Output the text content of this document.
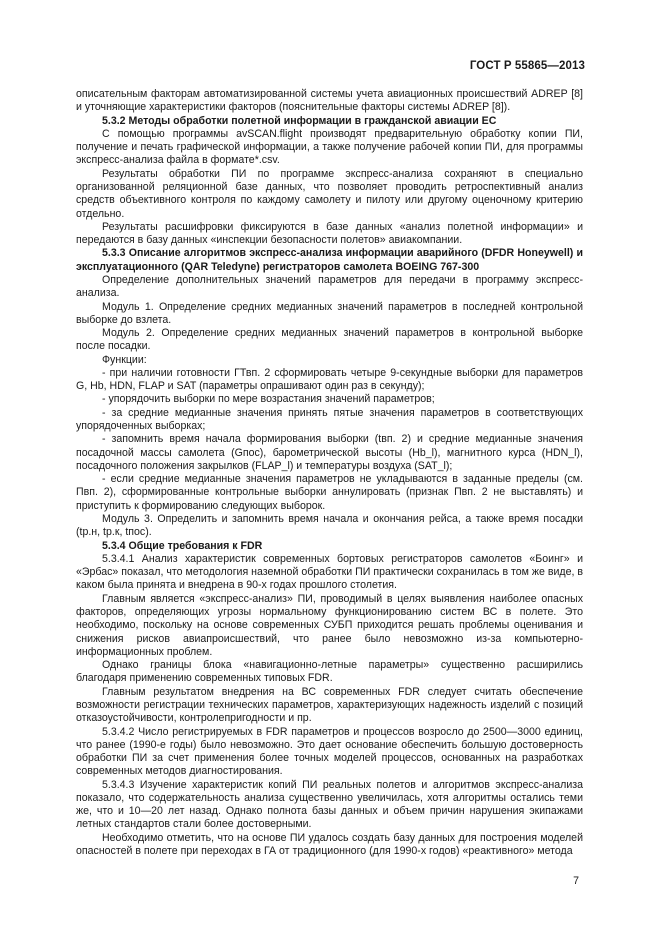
ГОСТ Р 55865—2013

описательным факторам автоматизированной системы учета авиационных происшествий ADREP [8] и уточняющие характеристики факторов (пояснительные факторы системы ADREP [8]).

5.3.2 Методы обработки полетной информации в гражданской авиации ЕС

С помощью программы avSCAN.flight производят предварительную обработку копии ПИ, получение и печать графической информации, а также получение рабочей копии ПИ, для программы экспресс-анализа файла в формате*.csv.

Результаты обработки ПИ по программе экспресс-анализа сохраняют в специально организованной реляционной базе данных, что позволяет проводить ретроспективный анализ средств объективного контроля по каждому самолету и пилоту или другому оценочному критерию отдельно.

Результаты расшифровки фиксируются в базе данных «анализ полетной информации» и передаются в базу данных «инспекции безопасности полетов» авиакомпании.

5.3.3 Описание алгоритмов экспресс-анализа информации аварийного (DFDR Honeywell) и эксплуатационного (QAR Teledyne) регистраторов самолета BOEING 767-300

Определение дополнительных значений параметров для передачи в программу экспресс-анализа.

Модуль 1. Определение средних медианных значений параметров в последней контрольной выборке до взлета.

Модуль 2. Определение средних медианных значений параметров в контрольной выборке после посадки.

Функции:

- при наличии готовности ГТвп. 2 сформировать четыре 9-секундные выборки для параметров G, Hb, HDN, FLAP и SAT (параметры опрашивают один раз в секунду);

- упорядочить выборки по мере возрастания значений параметров;

- за средние медианные значения принять пятые значения параметров в соответствующих упорядоченных выборках;

- запомнить время начала формирования выборки (tвп. 2) и средние медианные значения посадочной массы самолета (Gпос), барометрической высоты (Hb_l), магнитного курса (HDN_l), посадочного положения закрылков (FLAP_l) и температуры воздуха (SAT_l);

- если средние медианные значения параметров не укладываются в заданные пределы (см. Пвп. 2), сформированные контрольные выборки аннулировать (признак Пвп. 2 не выставлять) и приступить к формированию следующих выборок.

Модуль 3. Определить и запомнить время начала и окончания рейса, а также время посадки (tp.н, tp.к, tпос).

5.3.4 Общие требования к FDR

5.3.4.1 Анализ характеристик современных бортовых регистраторов самолетов «Боинг» и «Эрбас» показал, что методология наземной обработки ПИ практически сохранилась в том же виде, в каком была принята и внедрена в 90-х годах прошлого столетия.

Главным является «экспресс-анализ» ПИ, проводимый в целях выявления наиболее опасных факторов, определяющих угрозы нормальному функционированию систем ВС в полете. Это необходимо, поскольку на основе современных СУБП приходится решать проблемы оценивания и снижения рисков авиапроисшествий, что ранее было невозможно из-за компьютерно-информационных проблем.

Однако границы блока «навигационно-летные параметры» существенно расширились благодаря применению современных типовых FDR.

Главным результатом внедрения на ВС современных FDR следует считать обеспечение возможности регистрации технических параметров, характеризующих надежность изделий с позиций отказоустойчивости, контролепригодности и пр.

5.3.4.2 Число регистрируемых в FDR параметров и процессов возросло до 2500—3000 единиц, что ранее (1990-е годы) было невозможно. Это дает основание обеспечить большую достоверность обработки ПИ за счет применения более точных моделей процессов, основанных на разработках современных методов диагностирования.

5.3.4.3 Изучение характеристик копий ПИ реальных полетов и алгоритмов экспресс-анализа показало, что содержательность анализа существенно увеличилась, хотя алгоритмы остались теми же, что и 10—20 лет назад. Однако полнота базы данных и объем причин нарушения экипажами летных стандартов стали более достоверными.

Необходимо отметить, что на основе ПИ удалось создать базу данных для построения моделей опасностей в полете при переходах в ГА от традиционного (для 1990-х годов) «реактивного» метода

7
